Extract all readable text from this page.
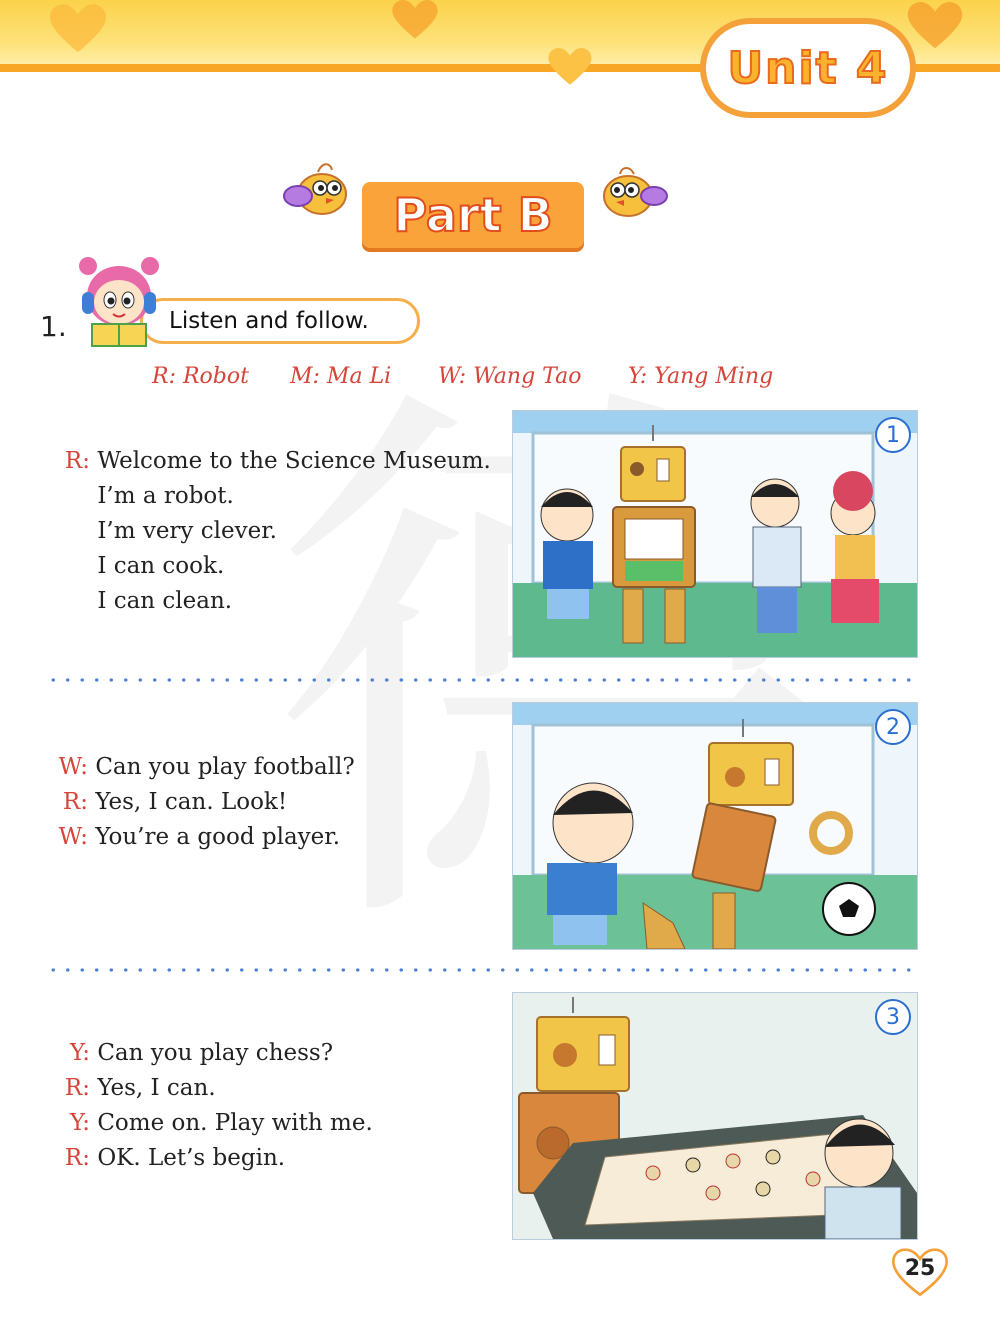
Unit 4
Part B
1.	Listen and follow.
R: Robot M: Ma Li W: Wang Tao Y: Yang Ming
R: Welcome to the Science Museum.
I’m a robot.
I’m very clever.
I can cook.
I can clean.
1
W: Can you play football?
R: Yes, I can. Look!
W: You’re a good player.
2
Y: Can you play chess?
R: Yes, I can.
Y: Come on. Play with me.
R: OK. Let’s begin.
3
25
